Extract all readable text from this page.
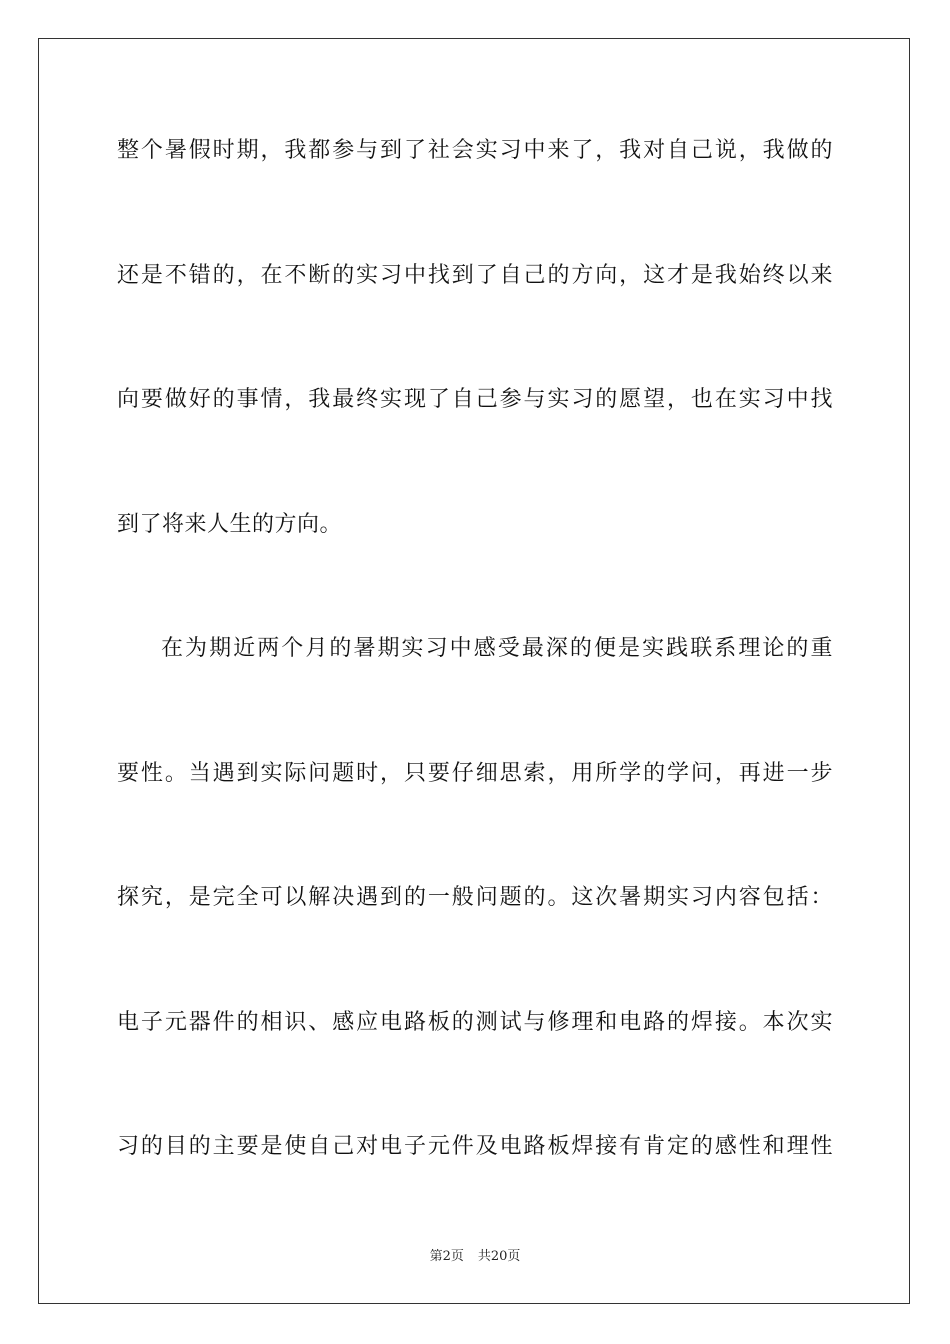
整个暑假时期，我都参与到了社会实习中来了，我对自己说，我做的
还是不错的，在不断的实习中找到了自己的方向，这才是我始终以来
向要做好的事情，我最终实现了自己参与实习的愿望，也在实习中找
到了将来人生的方向。
在为期近两个月的暑期实习中感受最深的便是实践联系理论的重
要性。当遇到实际问题时，只要仔细思索，用所学的学问，再进一步
探究，是完全可以解决遇到的一般问题的。这次暑期实习内容包括：
电子元器件的相识、感应电路板的测试与修理和电路的焊接。本次实
习的目的主要是使自己对电子元件及电路板焊接有肯定的感性和理性
第2页 共20页
